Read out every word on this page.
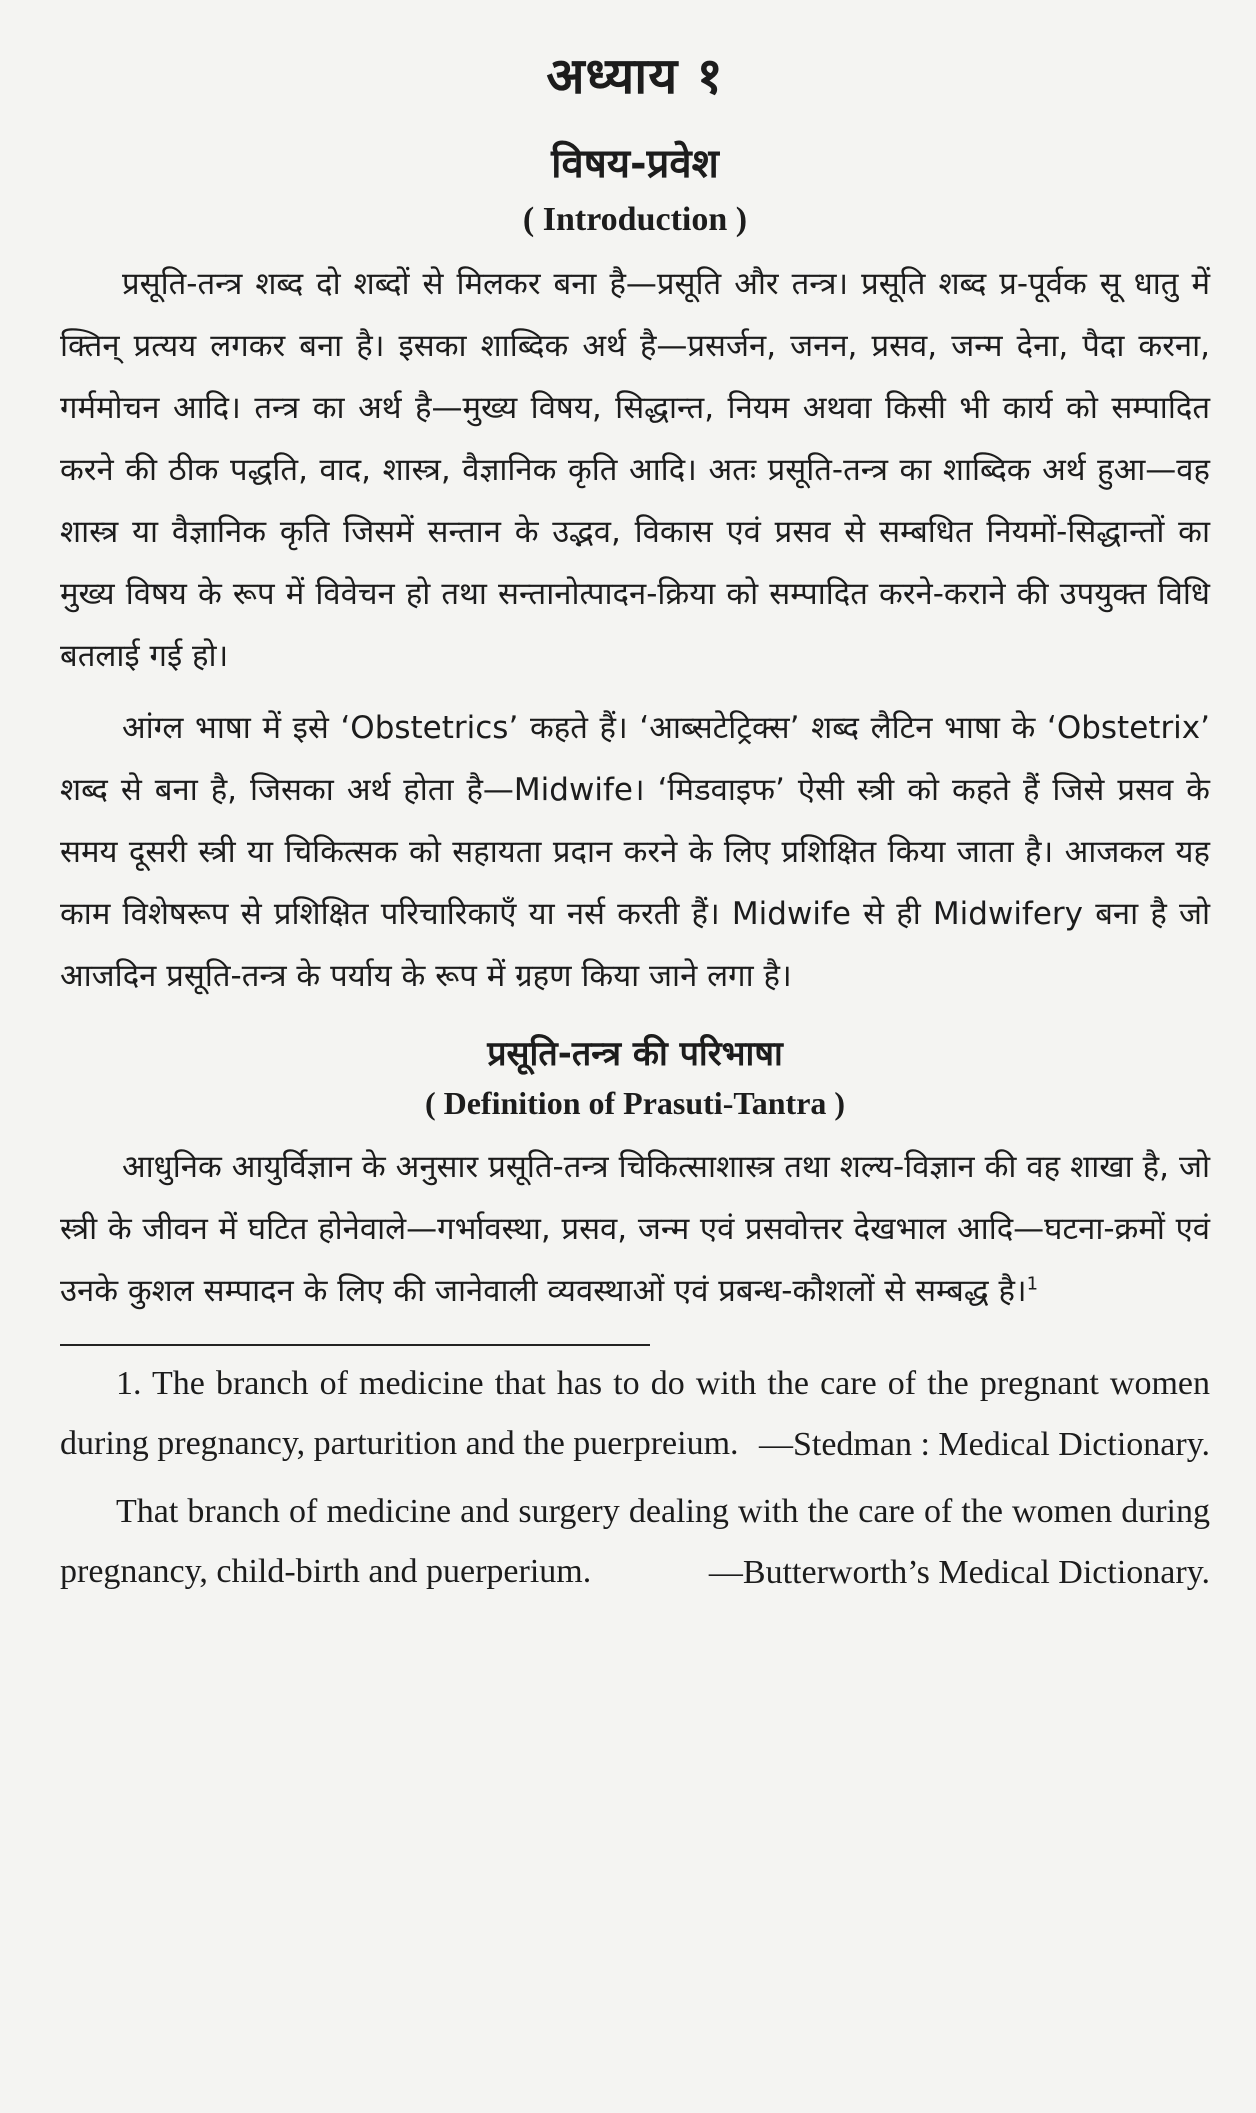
अध्याय १
विषय-प्रवेश
( Introduction )

प्रसूति-तन्त्र शब्द दो शब्दों से मिलकर बना है—प्रसूति और तन्त्र। प्रसूति शब्द प्र-पूर्वक सू धातु में क्तिन् प्रत्यय लगकर बना है। इसका शाब्दिक अर्थ है—प्रसर्जन, जनन, प्रसव, जन्म देना, पैदा करना, गर्ममोचन आदि। तन्त्र का अर्थ है—मुख्य विषय, सिद्धान्त, नियम अथवा किसी भी कार्य को सम्पादित करने की ठीक पद्धति, वाद, शास्त्र, वैज्ञानिक कृति आदि। अतः प्रसूति-तन्त्र का शाब्दिक अर्थ हुआ—वह शास्त्र या वैज्ञानिक कृति जिसमें सन्तान के उद्भव, विकास एवं प्रसव से सम्बधित नियमों-सिद्धान्तों का मुख्य विषय के रूप में विवेचन हो तथा सन्तानोत्पादन-क्रिया को सम्पादित करने-कराने की उपयुक्त विधि बतलाई गई हो।

आंग्ल भाषा में इसे ‘Obstetrics’ कहते हैं। ‘आब्सटेट्रिक्स’ शब्द लैटिन भाषा के ‘Obstetrix’ शब्द से बना है, जिसका अर्थ होता है—Midwife। ‘मिडवाइफ’ ऐसी स्त्री को कहते हैं जिसे प्रसव के समय दूसरी स्त्री या चिकित्सक को सहायता प्रदान करने के लिए प्रशिक्षित किया जाता है। आजकल यह काम विशेषरूप से प्रशिक्षित परिचारिकाएँ या नर्स करती हैं। Midwife से ही Midwifery बना है जो आजदिन प्रसूति-तन्त्र के पर्याय के रूप में ग्रहण किया जाने लगा है।

प्रसूति-तन्त्र की परिभाषा
( Definition of Prasuti-Tantra )

आधुनिक आयुर्विज्ञान के अनुसार प्रसूति-तन्त्र चिकित्साशास्त्र तथा शल्य-विज्ञान की वह शाखा है, जो स्त्री के जीवन में घटित होनेवाले—गर्भावस्था, प्रसव, जन्म एवं प्रसवोत्तर देखभाल आदि—घटना-क्रमों एवं उनके कुशल सम्पादन के लिए की जानेवाली व्यवस्थाओं एवं प्रबन्ध-कौशलों से सम्बद्ध है।$^1$

1. The branch of medicine that has to do with the care of the pregnant women during pregnancy, parturition and the puerpreium. —Stedman : Medical Dictionary.

That branch of medicine and surgery dealing with the care of the women during pregnancy, child-birth and puerperium.	—Butterworth’s Medical Dictionary.
